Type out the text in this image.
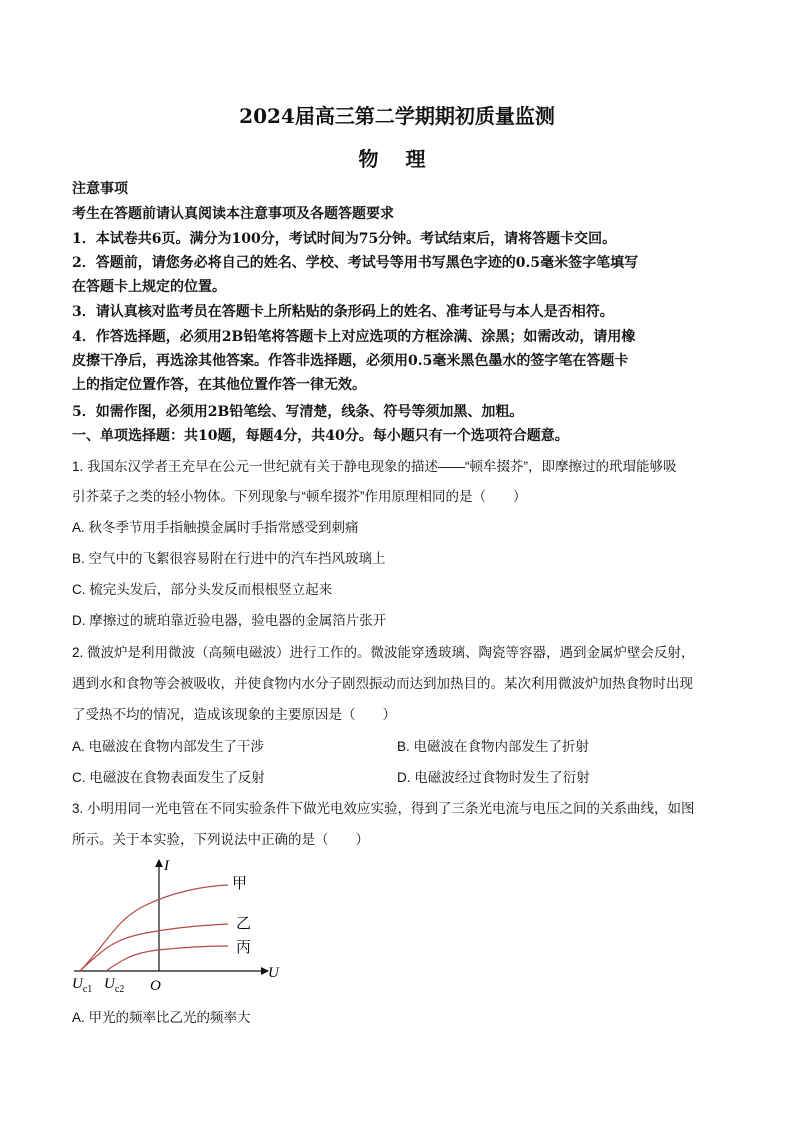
2024届高三第二学期期初质量监测
物 理
注意事项
考生在答题前请认真阅读本注意事项及各题答题要求
1．本试卷共6页。满分为100分，考试时间为75分钟。考试结束后，请将答题卡交回。
2．答题前，请您务必将自己的姓名、学校、考试号等用书写黑色字迹的0.5毫米签字笔填写
在答题卡上规定的位置。
3．请认真核对监考员在答题卡上所粘贴的条形码上的姓名、准考证号与本人是否相符。
4．作答选择题，必须用2B铅笔将答题卡上对应选项的方框涂满、涂黑；如需改动，请用橡
皮擦干净后，再选涂其他答案。作答非选择题，必须用0.5毫米黑色墨水的签字笔在答题卡
上的指定位置作答，在其他位置作答一律无效。
5．如需作图，必须用2B铅笔绘、写清楚，线条、符号等须加黑、加粗。
一、单项选择题：共10题，每题4分，共40分。每小题只有一个选项符合题意。
1. 我国东汉学者王充早在公元一世纪就有关于静电现象的描述——“顿牟掇芥”，即摩擦过的玳瑁能够吸
引芥菜子之类的轻小物体。下列现象与“顿牟掇芥”作用原理相同的是（　　）
A. 秋冬季节用手指触摸金属时手指常感受到刺痛
B. 空气中的飞絮很容易附在行进中的汽车挡风玻璃上
C. 梳完头发后，部分头发反而根根竖立起来
D. 摩擦过的琥珀靠近验电器，验电器的金属箔片张开
2. 微波炉是利用微波（高频电磁波）进行工作的。微波能穿透玻璃、陶瓷等容器，遇到金属炉壁会反射，
遇到水和食物等会被吸收，并使食物内水分子剧烈振动而达到加热目的。某次利用微波炉加热食物时出现
了受热不均的情况，造成该现象的主要原因是（　　）
A. 电磁波在食物内部发生了干涉	B. 电磁波在食物内部发生了折射
C. 电磁波在食物表面发生了反射	D. 电磁波经过食物时发生了衍射
3. 小明用同一光电管在不同实验条件下做光电效应实验，得到了三条光电流与电压之间的关系曲线，如图
所示。关于本实验，下列说法中正确的是（　　）
I
U
O
$U_{c1}$ $U_{c2}$
甲
乙
丙
A. 甲光的频率比乙光的频率大
